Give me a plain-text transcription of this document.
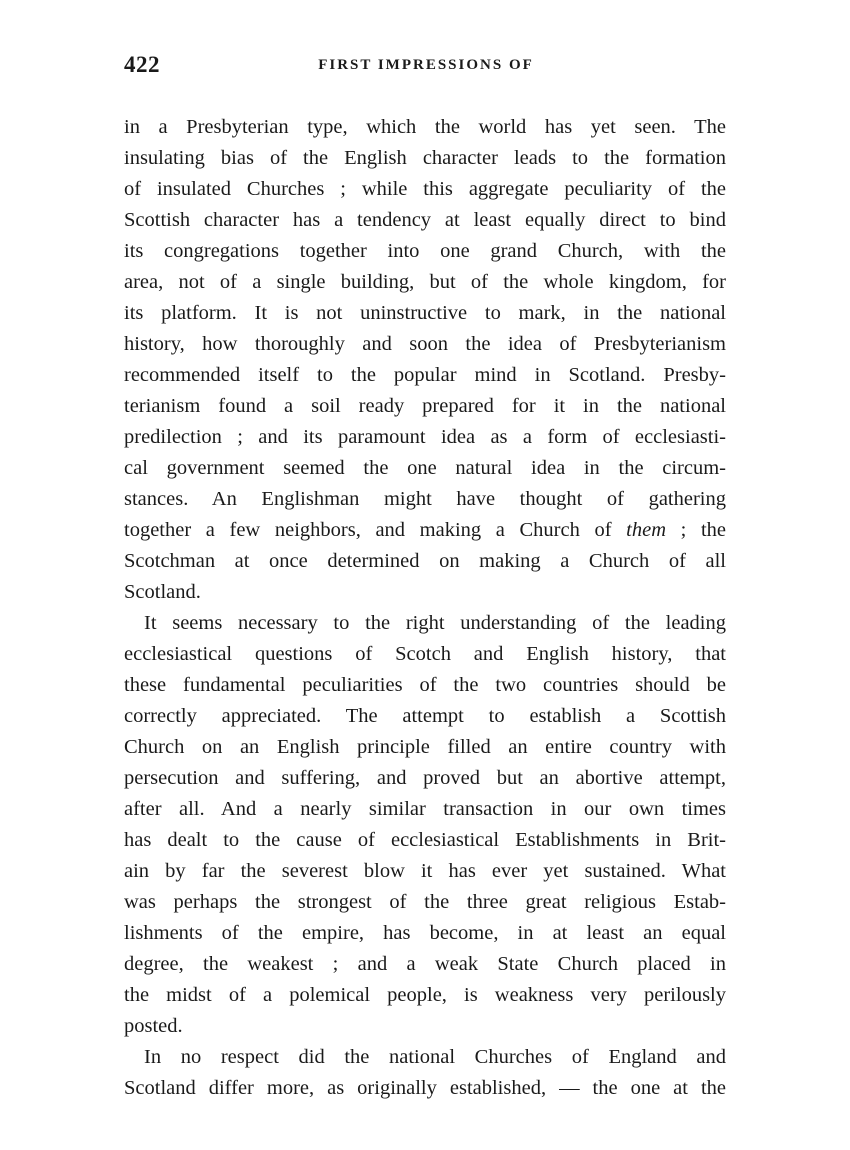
422	FIRST IMPRESSIONS OF
in a Presbyterian type, which the world has yet seen. The
insulating bias of the English character leads to the formation
of insulated Churches ; while this aggregate peculiarity of the
Scottish character has a tendency at least equally direct to bind
its congregations together into one grand Church, with the
area, not of a single building, but of the whole kingdom, for
its platform. It is not uninstructive to mark, in the national
history, how thoroughly and soon the idea of Presbyterianism
recommended itself to the popular mind in Scotland. Presby-
terianism found a soil ready prepared for it in the national
predilection ; and its paramount idea as a form of ecclesiasti-
cal government seemed the one natural idea in the circum-
stances. An Englishman might have thought of gathering
together a few neighbors, and making a Church of them ; the
Scotchman at once determined on making a Church of all
Scotland.
It seems necessary to the right understanding of the leading
ecclesiastical questions of Scotch and English history, that
these fundamental peculiarities of the two countries should be
correctly appreciated. The attempt to establish a Scottish
Church on an English principle filled an entire country with
persecution and suffering, and proved but an abortive attempt,
after all. And a nearly similar transaction in our own times
has dealt to the cause of ecclesiastical Establishments in Brit-
ain by far the severest blow it has ever yet sustained. What
was perhaps the strongest of the three great religious Estab-
lishments of the empire, has become, in at least an equal
degree, the weakest ; and a weak State Church placed in
the midst of a polemical people, is weakness very perilously
posted.
In no respect did the national Churches of England and
Scotland differ more, as originally established, — the one at the
